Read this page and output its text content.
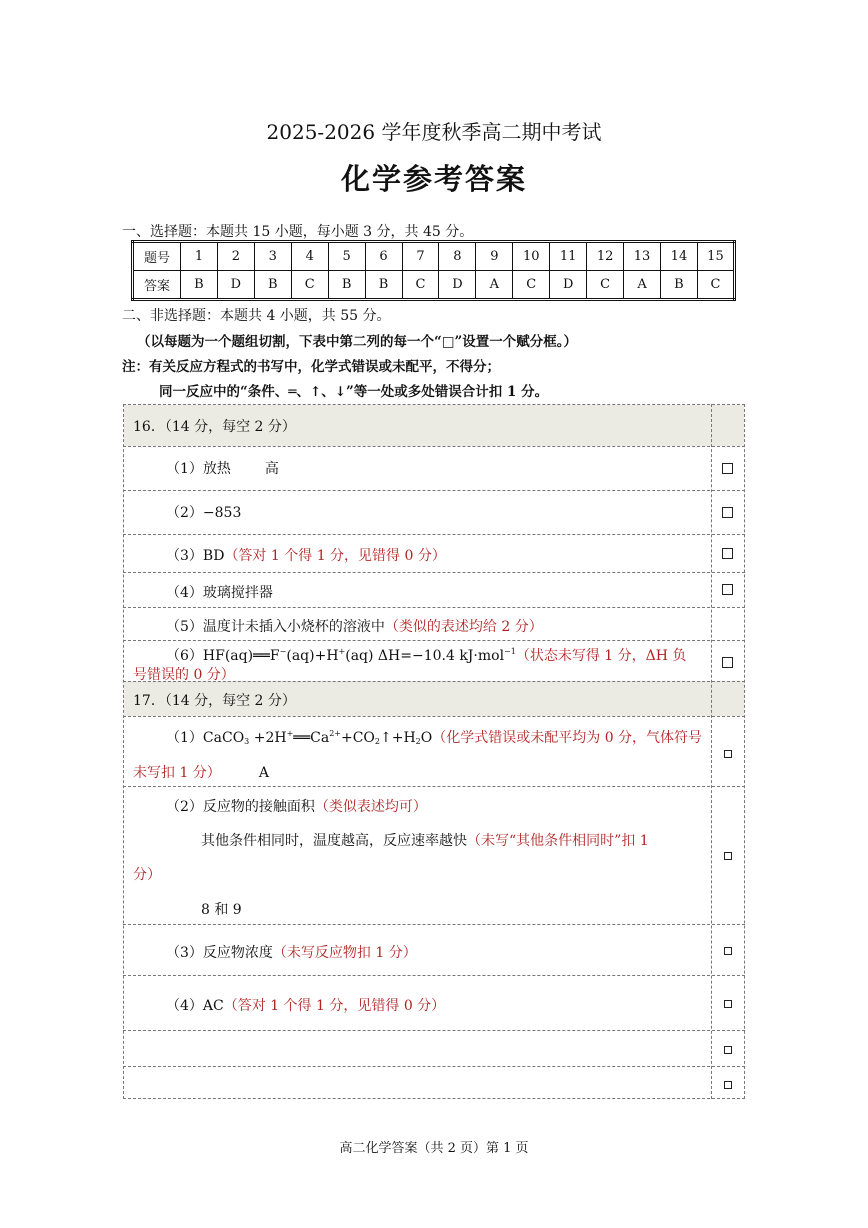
2025-2026 学年度秋季高二期中考试
化学参考答案
一、选择题：本题共 15 小题，每小题 3 分，共 45 分。
题号	1	2	3	4	5	6	7	8	9	10	11	12	13	14	15
答案	B	D	B	C	B	B	C	D	A	C	D	C	A	B	C
二、非选择题：本题共 4 小题，共 55 分。
（以每题为一个题组切割，下表中第二列的每一个“□”设置一个赋分框。）
注：有关反应方程式的书写中，化学式错误或未配平，不得分；
同一反应中的“条件、═、↑、↓”等一处或多处错误合计扣 1 分。
16．（14 分，每空 2 分）
（1）放热 高
（2）−853
（3）BD（答对 1 个得 1 分，见错得 0 分）
（4）玻璃搅拌器
（5）温度计未插入小烧杯的溶液中（类似的表述均给 2 分）
（6）HF(aq)══F−(aq)+H+(aq) ΔH=−10.4 kJ·mol$^{-1}$（状态未写得 1 分，ΔH 负
号错误的 0 分）
17．（14 分，每空 2 分）
（1）CaCO$_3$ $+2H^+══Ca^{2+}+CO_2↑+H_2O$（化学式错误或未配平均为 0 分，气体符号
未写扣 1 分）	A
（2）反应物的接触面积（类似表述均可）
其他条件相同时，温度越高，反应速率越快（未写“其他条件相同时”扣 1
分）
8 和 9
（3）反应物浓度（未写反应物扣 1 分）
（4）AC（答对 1 个得 1 分，见错得 0 分）
高二化学答案（共 2 页）第 1 页
